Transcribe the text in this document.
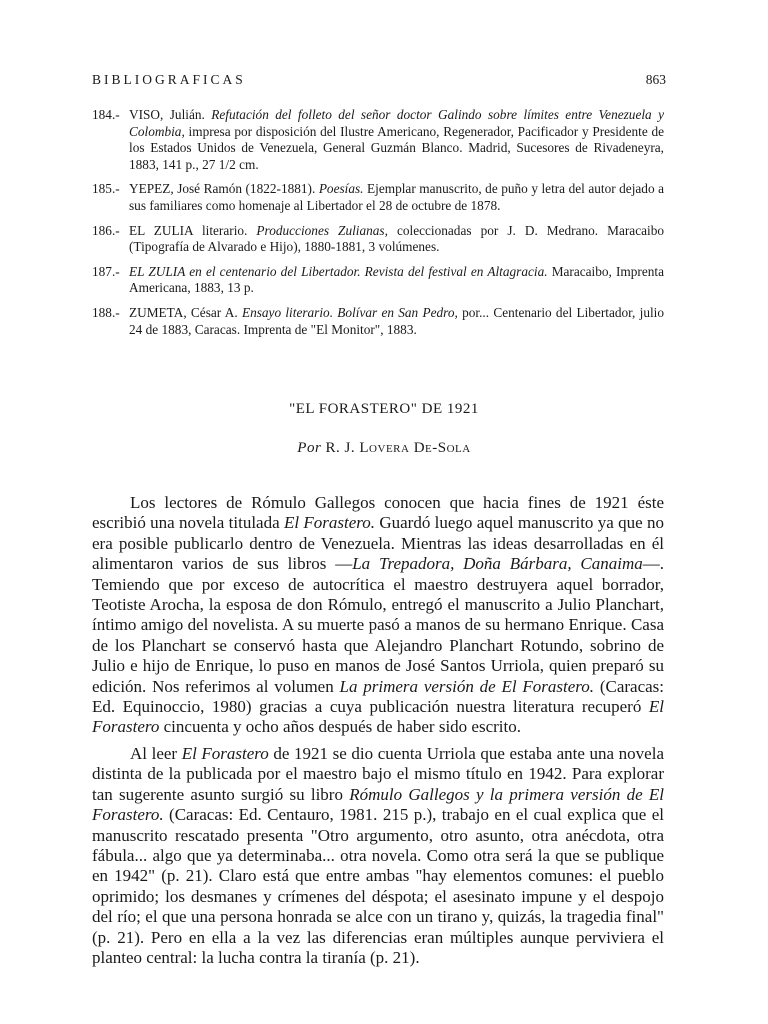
BIBLIOGRAFICAS	863
184.- VISO, Julián. Refutación del folleto del señor doctor Galindo sobre límites entre Venezuela y Colombia, impresa por disposición del Ilustre Americano, Regenerador, Pacificador y Presidente de los Estados Unidos de Venezuela, General Guzmán Blanco. Madrid, Sucesores de Rivadeneyra, 1883, 141 p., 27 1/2 cm.
185.- YEPEZ, José Ramón (1822-1881). Poesías. Ejemplar manuscrito, de puño y letra del autor dejado a sus familiares como homenaje al Libertador el 28 de octubre de 1878.
186.- EL ZULIA literario. Producciones Zulianas, coleccionadas por J. D. Medrano. Maracaibo (Tipografía de Alvarado e Hijo), 1880-1881, 3 volúmenes.
187.- EL ZULIA en el centenario del Libertador. Revista del festival en Altagracia. Maracaibo, Imprenta Americana, 1883, 13 p.
188.- ZUMETA, César A. Ensayo literario. Bolívar en San Pedro, por... Centenario del Libertador, julio 24 de 1883, Caracas. Imprenta de "El Monitor", 1883.
"EL FORASTERO" DE 1921
Por R. J. Lovera De-Sola

Los lectores de Rómulo Gallegos conocen que hacia fines de 1921 éste escribió una novela titulada El Forastero. Guardó luego aquel manuscrito ya que no era posible publicarlo dentro de Venezuela. Mientras las ideas desarrolladas en él alimentaron varios de sus libros —La Trepadora, Doña Bárbara, Canaima—. Temiendo que por exceso de autocrítica el maestro destruyera aquel borrador, Teotiste Arocha, la esposa de don Rómulo, entregó el manuscrito a Julio Planchart, íntimo amigo del novelista. A su muerte pasó a manos de su hermano Enrique. Casa de los Planchart se conservó hasta que Alejandro Planchart Rotundo, sobrino de Julio e hijo de Enrique, lo puso en manos de José Santos Urriola, quien preparó su edición. Nos referimos al volumen La primera versión de El Forastero. (Caracas: Ed. Equinoccio, 1980) gracias a cuya publicación nuestra literatura recuperó El Forastero cincuenta y ocho años después de haber sido escrito.

Al leer El Forastero de 1921 se dio cuenta Urriola que estaba ante una novela distinta de la publicada por el maestro bajo el mismo título en 1942. Para explorar tan sugerente asunto surgió su libro Rómulo Gallegos y la primera versión de El Forastero. (Caracas: Ed. Centauro, 1981. 215 p.), trabajo en el cual explica que el manuscrito rescatado presenta "Otro argumento, otro asunto, otra anécdota, otra fábula... algo que ya determinaba... otra novela. Como otra será la que se publique en 1942" (p. 21). Claro está que entre ambas "hay elementos comunes: el pueblo oprimido; los desmanes y crímenes del déspota; el asesinato impune y el despojo del río; el que una persona honrada se alce con un tirano y, quizás, la tragedia final" (p. 21). Pero en ella a la vez las diferencias eran múltiples aunque perviviera el planteo central: la lucha contra la tiranía (p. 21).
